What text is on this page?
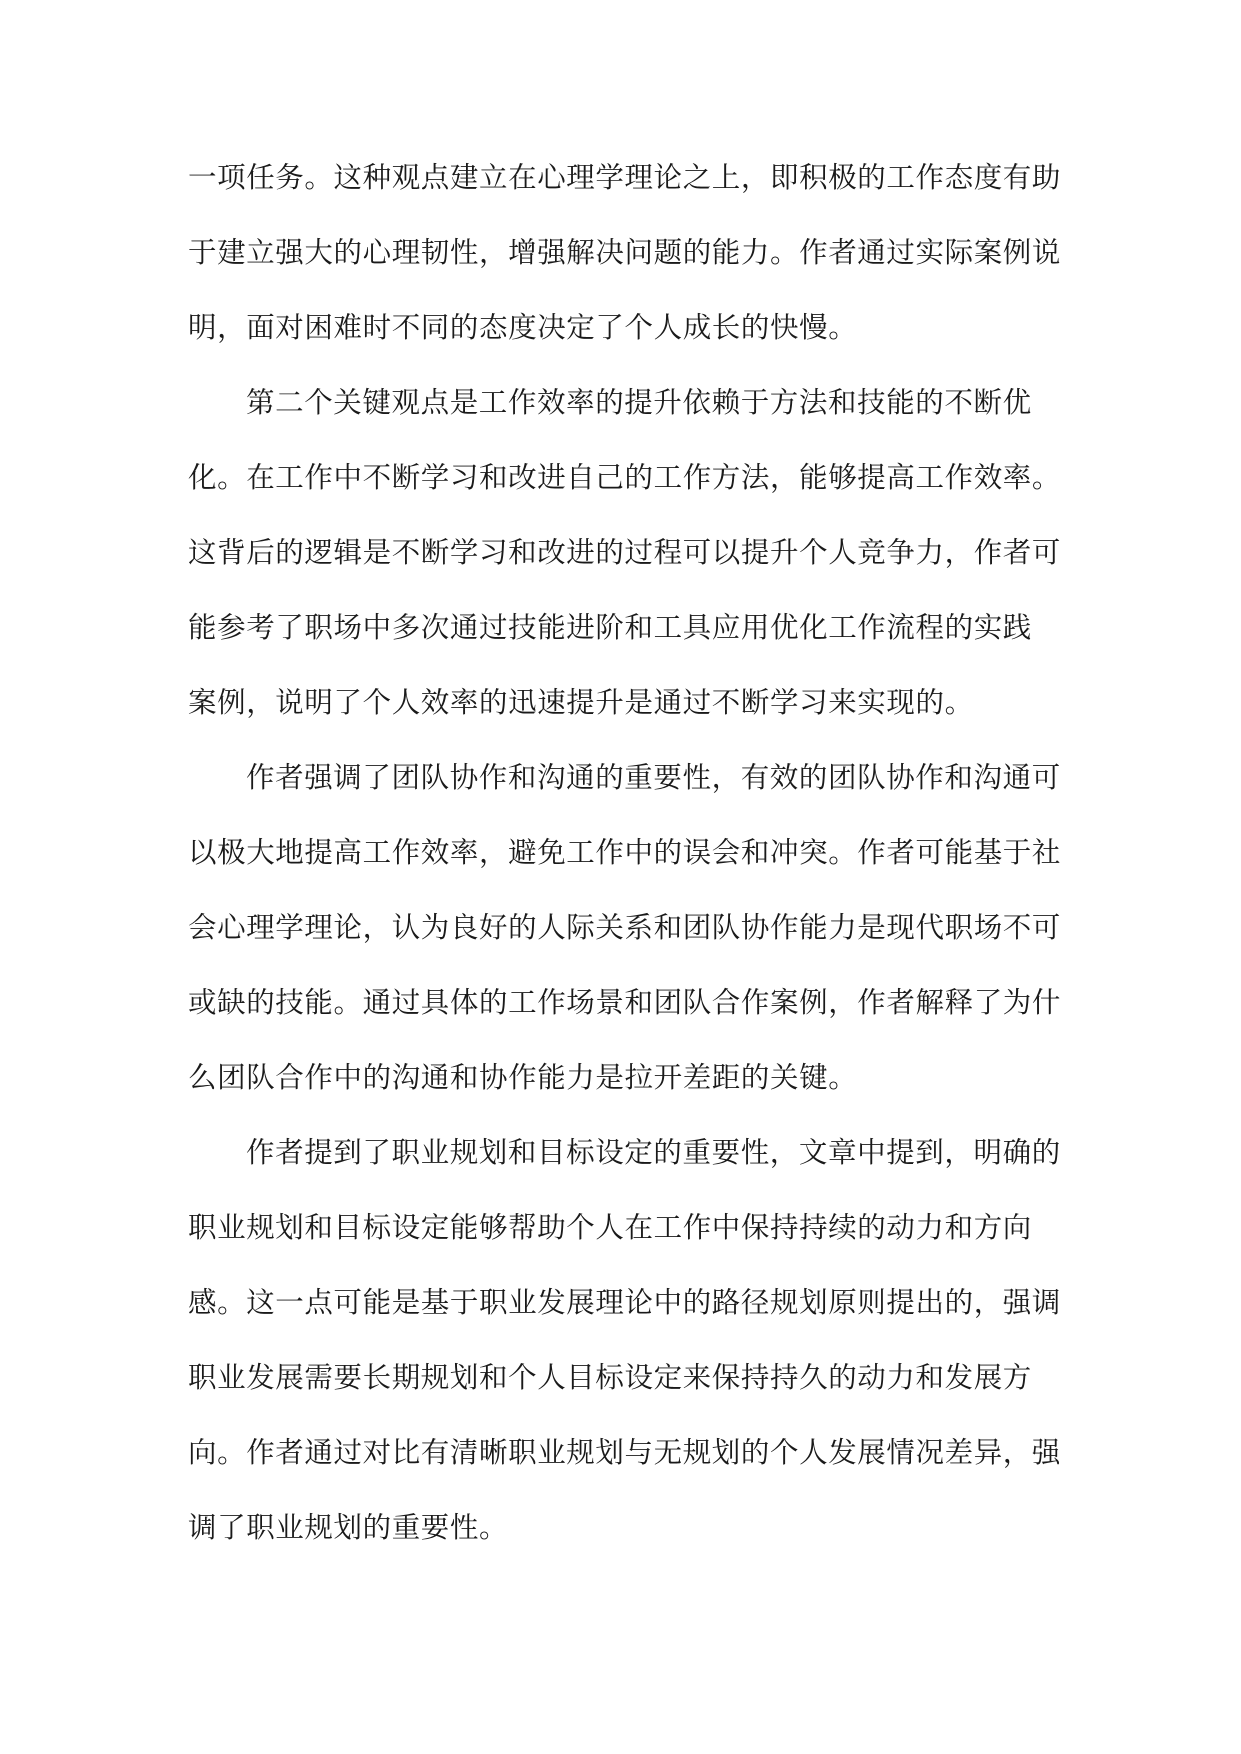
一项任务。这种观点建立在心理学理论之上，即积极的工作态度有助
于建立强大的心理韧性，增强解决问题的能力。作者通过实际案例说
明，面对困难时不同的态度决定了个人成长的快慢。
第二个关键观点是工作效率的提升依赖于方法和技能的不断优
化。在工作中不断学习和改进自己的工作方法，能够提高工作效率。
这背后的逻辑是不断学习和改进的过程可以提升个人竞争力，作者可
能参考了职场中多次通过技能进阶和工具应用优化工作流程的实践
案例，说明了个人效率的迅速提升是通过不断学习来实现的。
作者强调了团队协作和沟通的重要性，有效的团队协作和沟通可
以极大地提高工作效率，避免工作中的误会和冲突。作者可能基于社
会心理学理论，认为良好的人际关系和团队协作能力是现代职场不可
或缺的技能。通过具体的工作场景和团队合作案例，作者解释了为什
么团队合作中的沟通和协作能力是拉开差距的关键。
作者提到了职业规划和目标设定的重要性，文章中提到，明确的
职业规划和目标设定能够帮助个人在工作中保持持续的动力和方向
感。这一点可能是基于职业发展理论中的路径规划原则提出的，强调
职业发展需要长期规划和个人目标设定来保持持久的动力和发展方
向。作者通过对比有清晰职业规划与无规划的个人发展情况差异，强
调了职业规划的重要性。
